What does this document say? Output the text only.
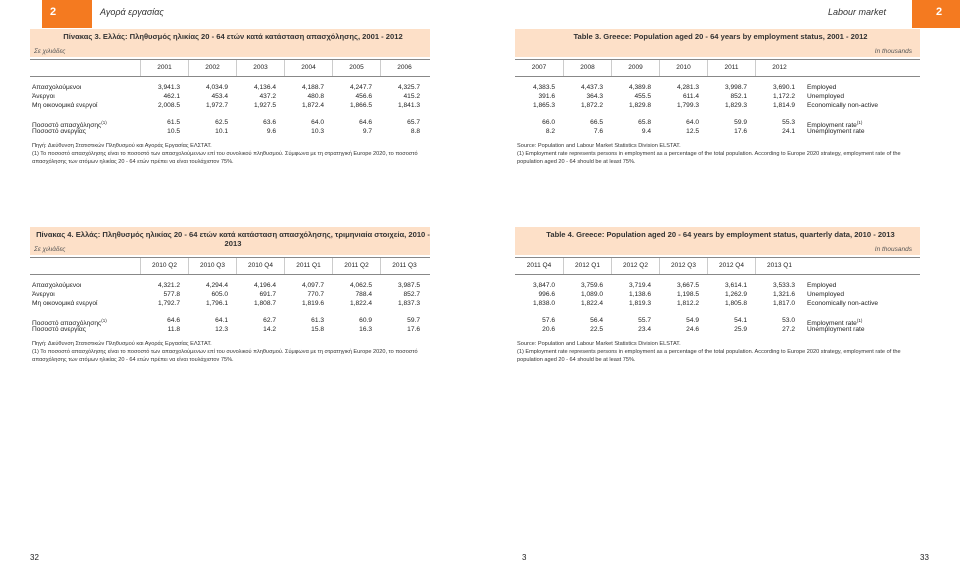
2	Αγορά εργασίας
Πίνακας 3. Ελλάς: Πληθυσμός ηλικίας 20 - 64 ετών κατά κατάσταση απασχόλησης, 2001 - 2012
Σε χιλιάδες
2001	2002	2003	2004	2005	2006
Απασχολούμενοι	3,941.3	4,034.9	4,136.4	4,188.7	4,247.7	4,325.7
Άνεργοι	462.1	453.4	437.2	480.8	456.6	415.2
Μη οικονομικά ενεργοί	2,008.5	1,972.7	1,927.5	1,872.4	1,866.5	1,841.3
Ποσοστό απασχόλησης$^{(1)}$	61.5	62.5	63.6	64.0	64.6	65.7
Ποσοστό ανεργίας	10.5	10.1	9.6	10.3	9.7	8.8
Πηγή: Διεύθυνση Στατιστικών Πληθυσμού και Αγοράς Εργασίας ΕΛΣΤΑΤ.
(1) Το ποσοστό απασχόλησης είναι το ποσοστό των απασχολούμενων επί του συνολικού πληθυσμού. Σύμφωνα με τη στρατηγική Europe 2020, το ποσοστό απασχόλησης των ατόμων ηλικίας 20 - 64 ετών πρέπει να είναι τουλάχιστον 75%.
Πίνακας 4. Ελλάς: Πληθυσμός ηλικίας 20 - 64 ετών κατά κατάσταση απασχόλησης, τριμηνιαία στοιχεία, 2010 - 2013
Σε χιλιάδες
2010 Q2	2010 Q3	2010 Q4	2011 Q1	2011 Q2	2011 Q3
Απασχολούμενοι	4,321.2	4,294.4	4,196.4	4,097.7	4,062.5	3,987.5
Άνεργοι	577.8	605.0	691.7	770.7	788.4	852.7
Μη οικονομικά ενεργοί	1,792.7	1,796.1	1,808.7	1,819.6	1,822.4	1,837.3
Ποσοστό απασχόλησης$^{(1)}$	64.6	64.1	62.7	61.3	60.9	59.7
Ποσοστό ανεργίας	11.8	12.3	14.2	15.8	16.3	17.6
Πηγή: Διεύθυνση Στατιστικών Πληθυσμού και Αγοράς Εργασίας ΕΛΣΤΑΤ.
(1) Το ποσοστό απασχόλησης είναι το ποσοστό των απασχολούμενων επί του συνολικού πληθυσμού. Σύμφωνα με τη στρατηγική Europe 2020, το ποσοστό απασχόλησης των ατόμων ηλικίας 20 - 64 ετών πρέπει να είναι τουλάχιστον 75%.
32
2
Labour market
Table 3. Greece: Population aged 20 - 64 years by employment status, 2001 - 2012
In thousands
2007	2008	2009	2010	2011	2012
4,383.5	4,437.3	4,389.8	4,281.3	3,998.7	3,690.1	Employed
391.6	364.3	455.5	611.4	852.1	1,172.2	Unemployed
1,865.3	1,872.2	1,829.8	1,799.3	1,829.3	1,814.9	Economically non-active
66.0	66.5	65.8	64.0	59.9	55.3	Employment rate$^{(1)}$
8.2	7.6	9.4	12.5	17.6	24.1	Unemployment rate
Source: Population and Labour Market Statistics Division ELSTAT.
(1) Employment rate represents persons in employment as a percentage of the total population. According to Europe 2020 strategy, employment rate of the population aged 20 - 64 should be at least 75%.
Table 4. Greece: Population aged 20 - 64 years by employment status, quarterly data, 2010 - 2013
In thousands
2011 Q4	2012 Q1	2012 Q2	2012 Q3	2012 Q4	2013 Q1
3,847.0	3,759.6	3,719.4	3,667.5	3,614.1	3,533.3	Employed
996.6	1,089.0	1,138.6	1,198.5	1,262.9	1,321.6	Unemployed
1,838.0	1,822.4	1,819.3	1,812.2	1,805.8	1,817.0	Economically non-active
57.6	56.4	55.7	54.9	54.1	53.0	Employment rate$^{(1)}$
20.6	22.5	23.4	24.6	25.9	27.2	Unemployment rate
Source: Population and Labour Market Statistics Division ELSTAT.
(1) Employment rate represents persons in employment as a percentage of the total population. According to Europe 2020 strategy, employment rate of the population aged 20 - 64 should be at least 75%.
3	33
